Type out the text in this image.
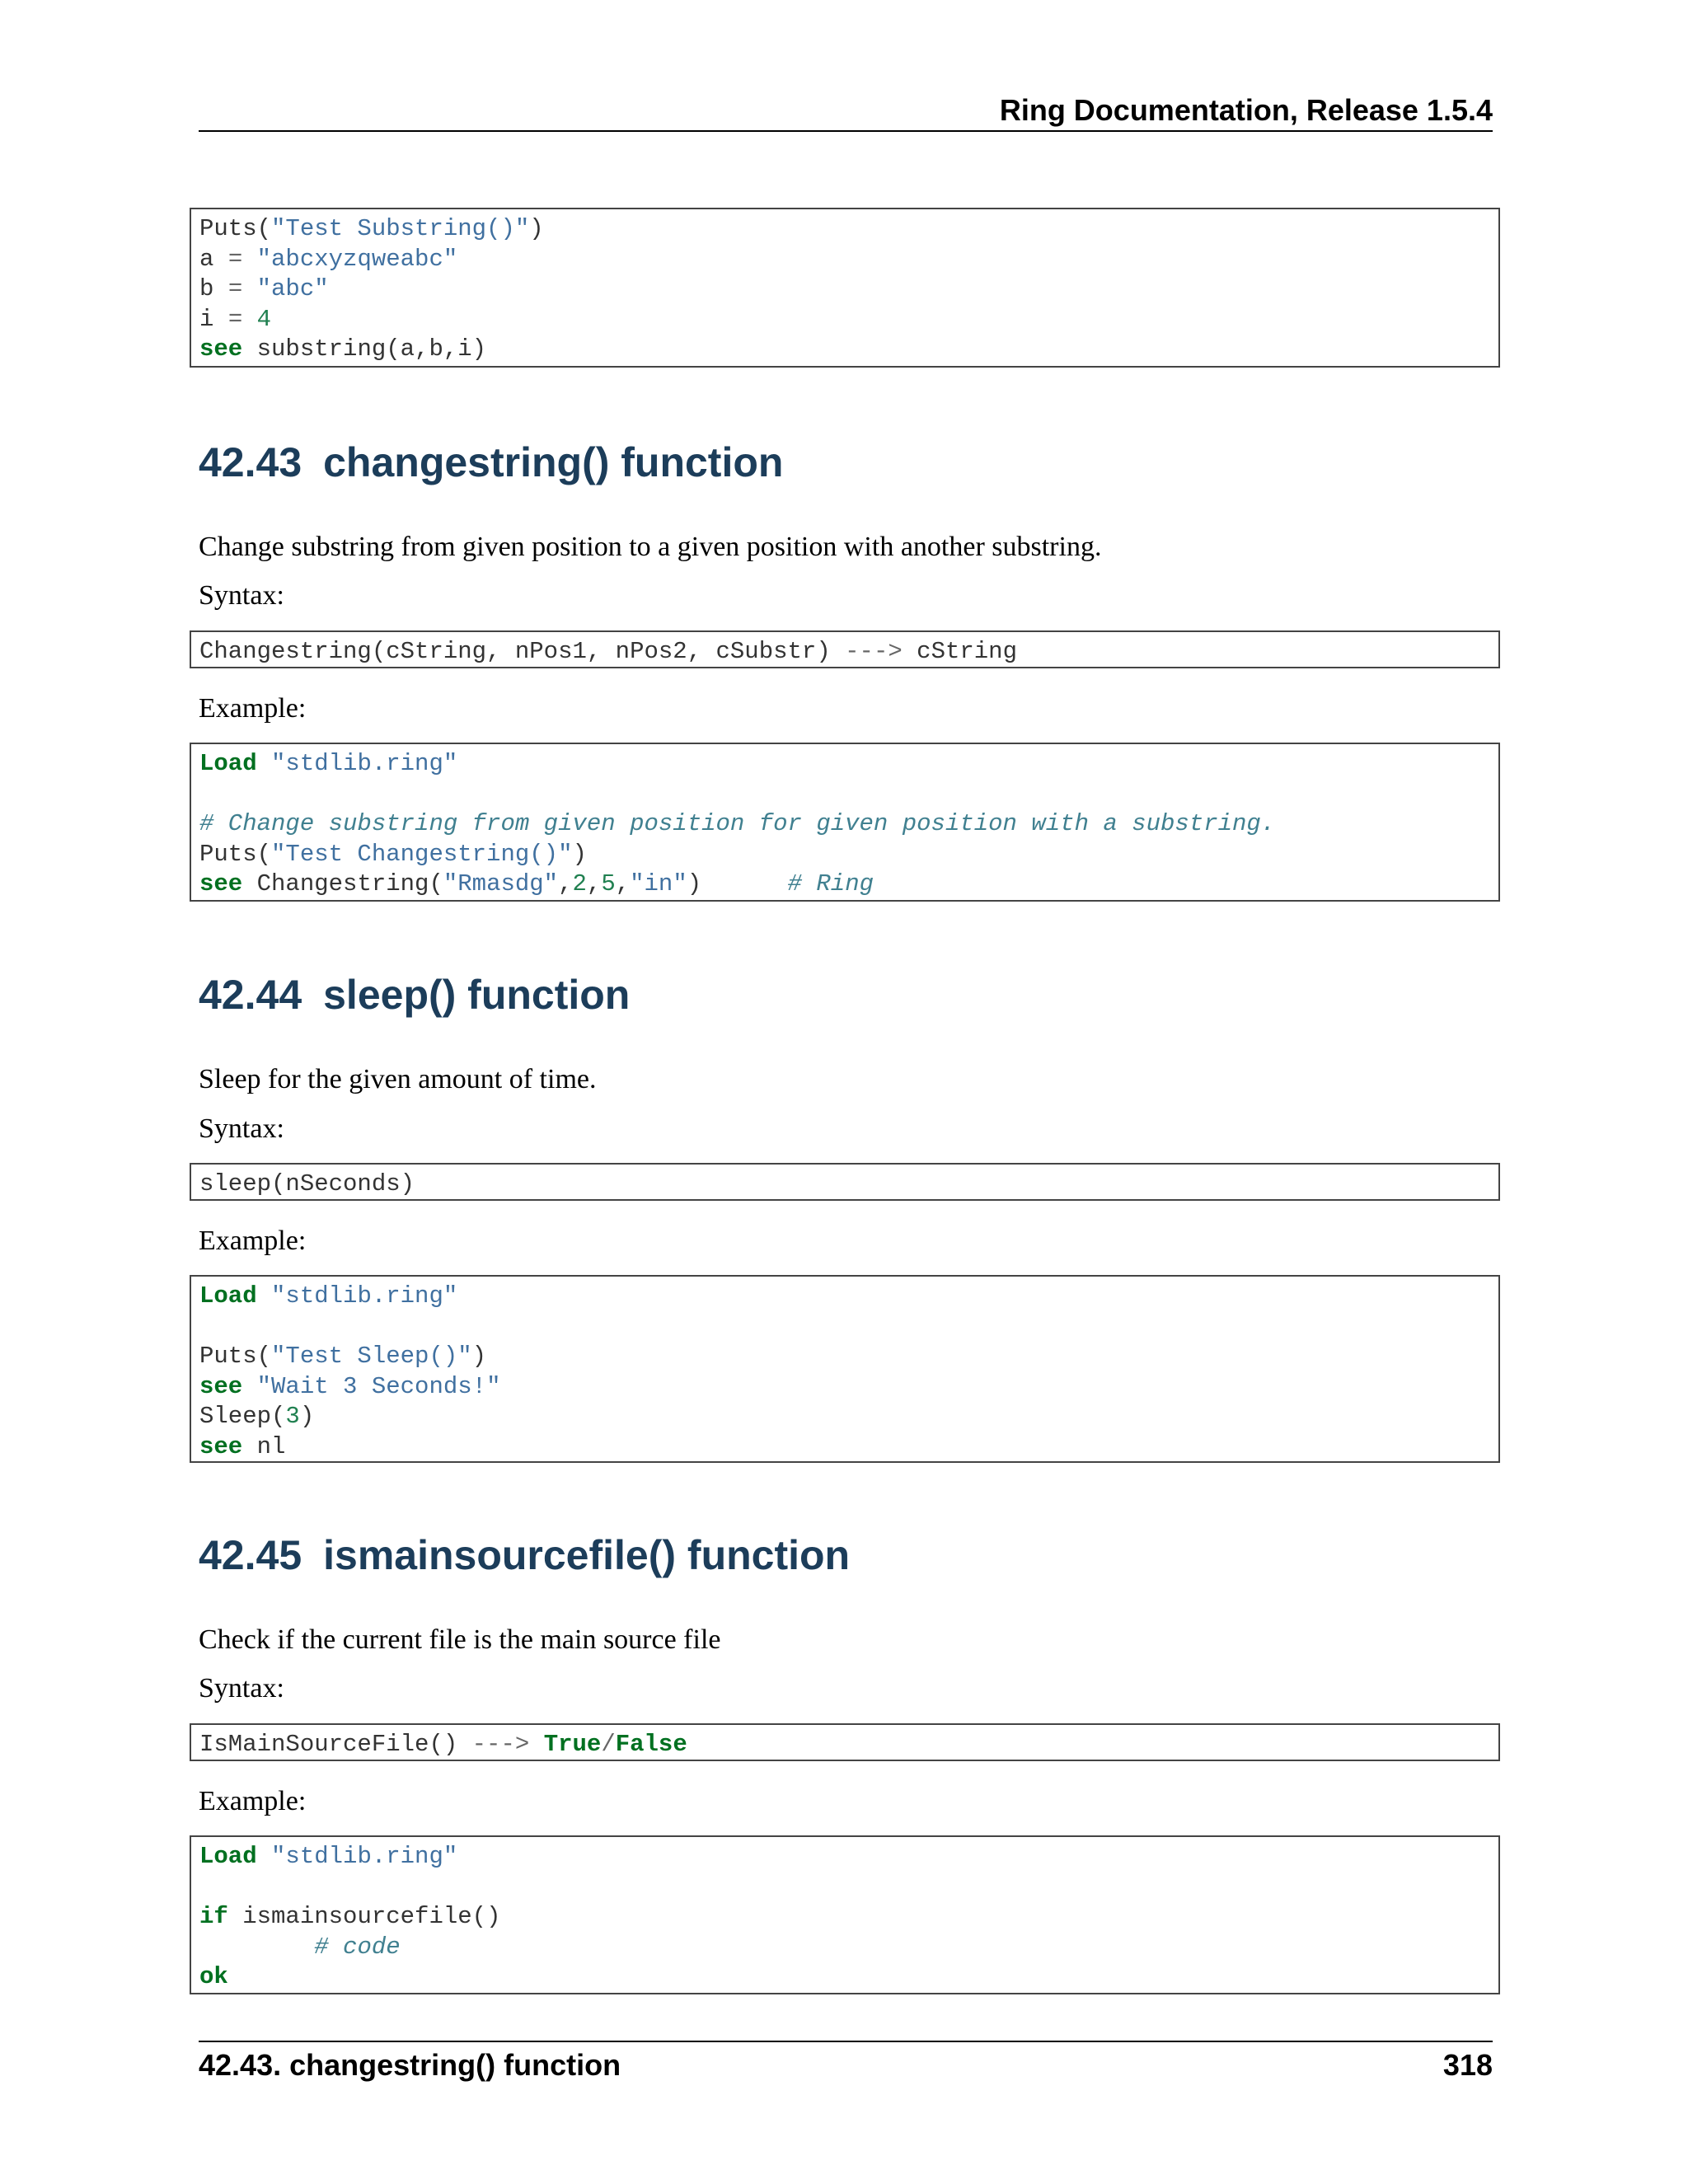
Ring Documentation, Release 1.5.4
Puts("Test Substring()")
a = "abcxyzqweabc"
b = "abc"
i = 4
see substring(a,b,i)
42.43 changestring() function
Change substring from given position to a given position with another substring.
Syntax:
Changestring(cString, nPos1, nPos2, cSubstr) ---> cString
Example:
Load "stdlib.ring"
# Change substring from given position for given position with a substring.
Puts("Test Changestring()")
see Changestring("Rmasdg",2,5,"in")      # Ring
42.44 sleep() function
Sleep for the given amount of time.
Syntax:
sleep(nSeconds)
Example:
Load "stdlib.ring"
Puts("Test Sleep()")
see "Wait 3 Seconds!"
Sleep(3)
see nl
42.45 ismainsourcefile() function
Check if the current file is the main source file
Syntax:
IsMainSourceFile() ---> True/False
Example:
Load "stdlib.ring"
if ismainsourcefile()
# code
ok
42.43. changestring() function	318
